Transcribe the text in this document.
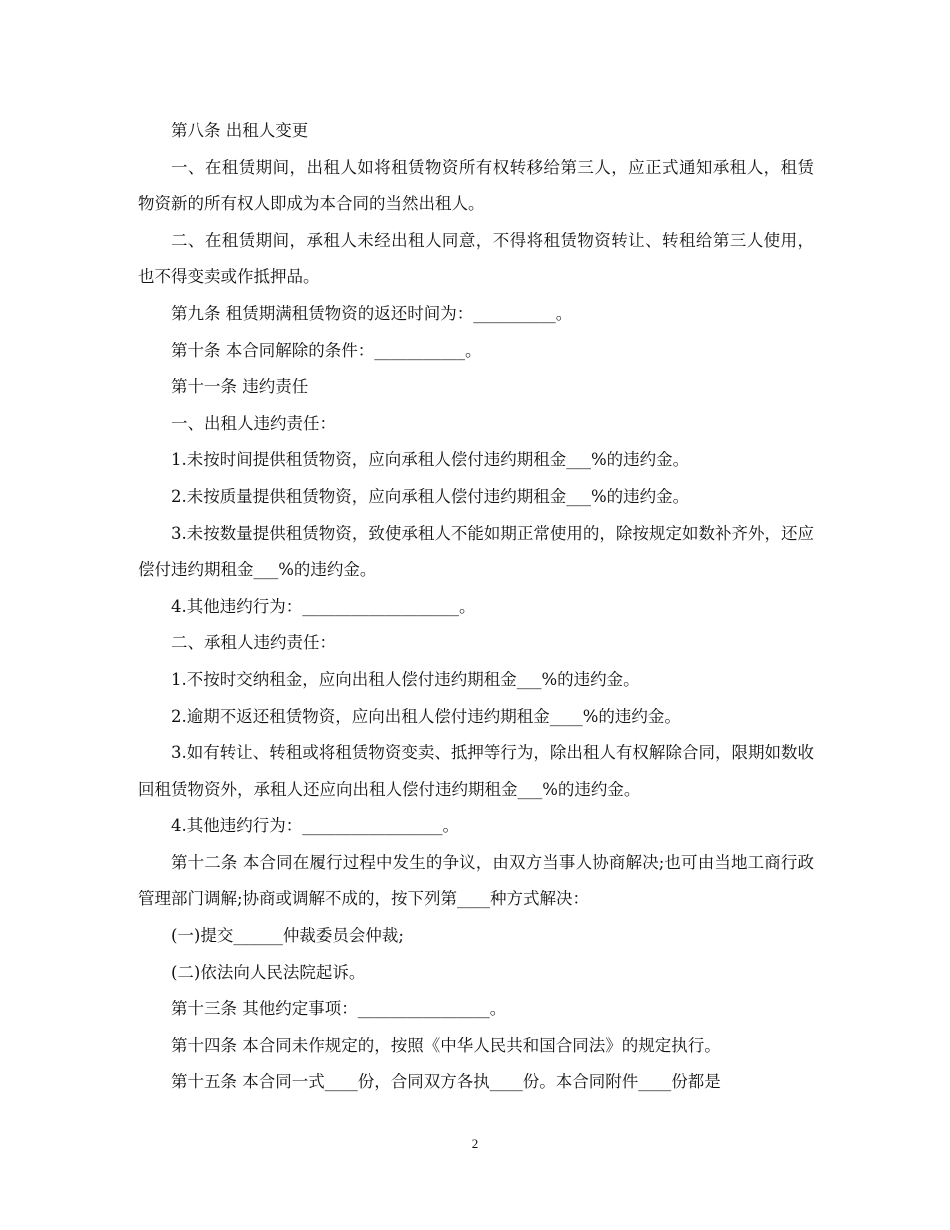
第八条 出租人变更

一、在租赁期间，出租人如将租赁物资所有权转移给第三人，应正式通知承租人，租赁物资新的所有权人即成为本合同的当然出租人。

二、在租赁期间，承租人未经出租人同意，不得将租赁物资转让、转租给第三人使用，也不得变卖或作抵押品。

第九条 租赁期满租赁物资的返还时间为：__________。

第十条 本合同解除的条件：___________。

第十一条 违约责任

一、出租人违约责任：

1.未按时间提供租赁物资，应向承租人偿付违约期租金___%的违约金。

2.未按质量提供租赁物资，应向承租人偿付违约期租金___%的违约金。

3.未按数量提供租赁物资，致使承租人不能如期正常使用的，除按规定如数补齐外，还应偿付违约期租金___%的违约金。

4.其他违约行为：___________________。

二、承租人违约责任：

1.不按时交纳租金，应向出租人偿付违约期租金___%的违约金。

2.逾期不返还租赁物资，应向出租人偿付违约期租金____%的违约金。

3.如有转让、转租或将租赁物资变卖、抵押等行为，除出租人有权解除合同，限期如数收回租赁物资外，承租人还应向出租人偿付违约期租金___%的违约金。

4.其他违约行为：_________________。

第十二条 本合同在履行过程中发生的争议，由双方当事人协商解决;也可由当地工商行政管理部门调解;协商或调解不成的，按下列第____种方式解决：

(一)提交______仲裁委员会仲裁;

(二)依法向人民法院起诉。

第十三条 其他约定事项：________________。

第十四条 本合同未作规定的，按照《中华人民共和国合同法》的规定执行。

第十五条 本合同一式____份，合同双方各执____份。本合同附件____份都是

2
